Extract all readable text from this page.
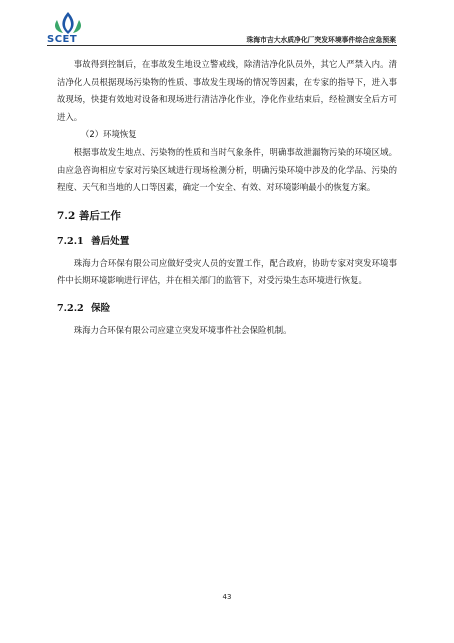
SCET	珠海市吉大水质净化厂突发环境事件综合应急预案

事故得到控制后，在事故发生地设立警戒线，除清洁净化队员外，其它人严禁入内。清洁净化人员根据现场污染物的性质、事故发生现场的情况等因素，在专家的指导下，进入事故现场，快捷有效地对设备和现场进行清洁净化作业，净化作业结束后，经检测安全后方可进入。

（2）环境恢复

根据事故发生地点、污染物的性质和当时气象条件，明确事故泄漏物污染的环境区域。由应急咨询相应专家对污染区域进行现场检测分析，明确污染环境中涉及的化学品、污染的程度、天气和当地的人口等因素，确定一个安全、有效、对环境影响最小的恢复方案。

7.2 善后工作
7.2.1 善后处置

珠海力合环保有限公司应做好受灾人员的安置工作，配合政府，协助专家对突发环境事件中长期环境影响进行评估，并在相关部门的监管下，对受污染生态环境进行恢复。

7.2.2 保险

珠海力合环保有限公司应建立突发环境事件社会保险机制。

43
